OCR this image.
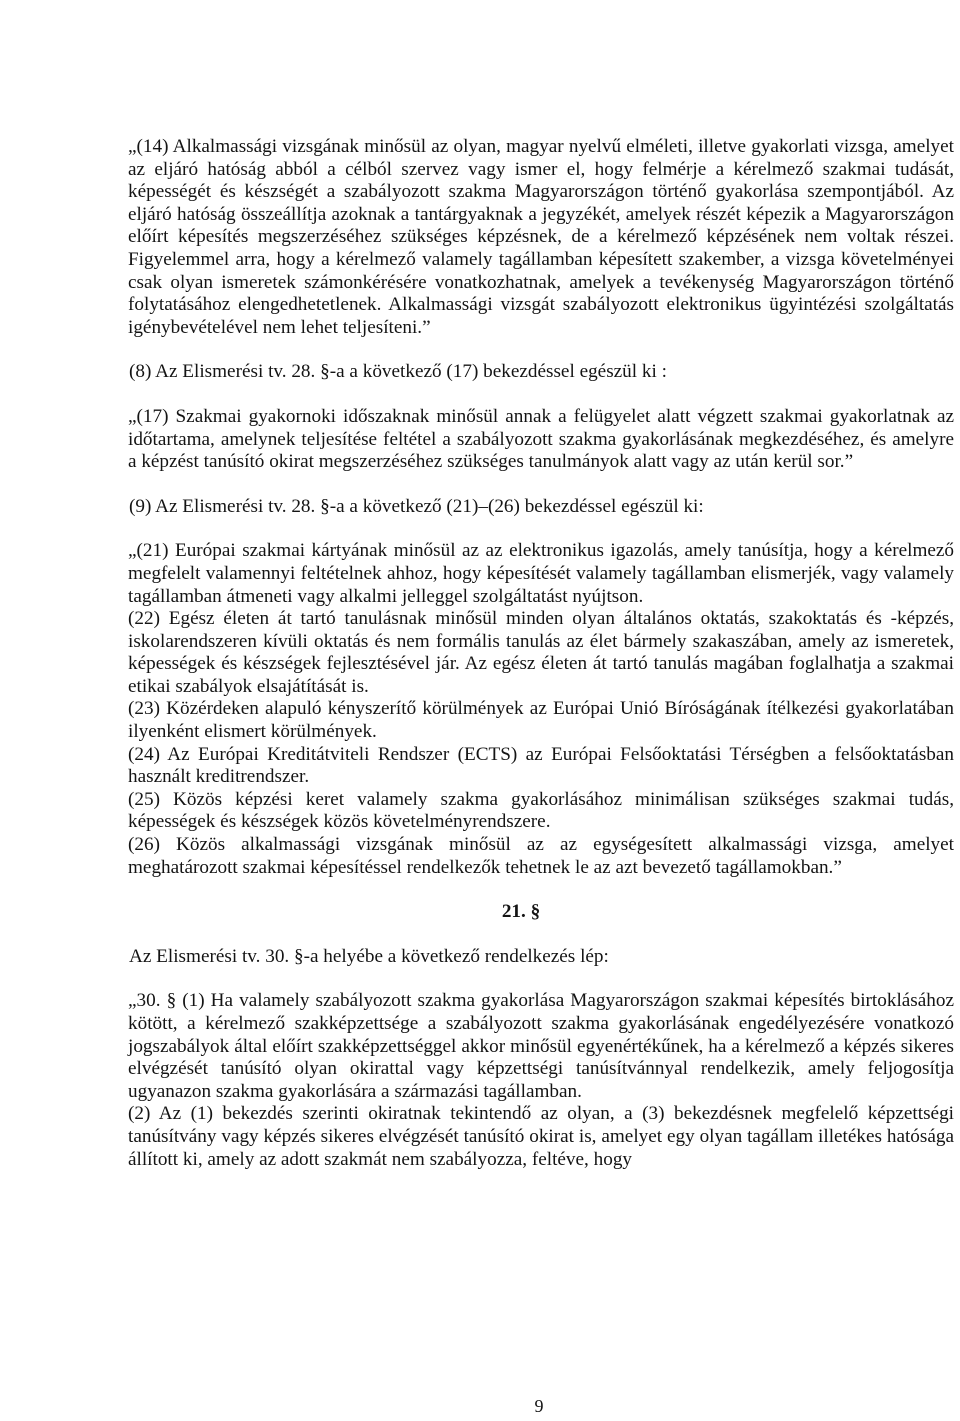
„(14) Alkalmassági vizsgának minősül az olyan, magyar nyelvű elméleti, illetve gyakorlati vizsga, amelyet az eljáró hatóság abból a célból szervez vagy ismer el, hogy felmérje a kérelmező szakmai tudását, képességét és készségét a szabályozott szakma Magyarországon történő gyakorlása szempontjából. Az eljáró hatóság összeállítja azoknak a tantárgyaknak a jegyzékét, amelyek részét képezik a Magyarországon előírt képesítés megszerzéséhez szükséges képzésnek, de a kérelmező képzésének nem voltak részei. Figyelemmel arra, hogy a kérelmező valamely tagállamban képesített szakember, a vizsga követelményei csak olyan ismeretek számonkérésére vonatkozhatnak, amelyek a tevékenység Magyarországon történő folytatásához elengedhetetlenek. Alkalmassági vizsgát szabályozott elektronikus ügyintézési szolgáltatás igénybevételével nem lehet teljesíteni.”

(8) Az Elismerési tv. 28. §-a a következő (17) bekezdéssel egészül ki :

„(17) Szakmai gyakornoki időszaknak minősül annak a felügyelet alatt végzett szakmai gyakorlatnak az időtartama, amelynek teljesítése feltétel a szabályozott szakma gyakorlásának megkezdéséhez, és amelyre a képzést tanúsító okirat megszerzéséhez szükséges tanulmányok alatt vagy az után kerül sor.”

(9) Az Elismerési tv. 28. §-a a következő (21)–(26) bekezdéssel egészül ki:

„(21) Európai szakmai kártyának minősül az az elektronikus igazolás, amely tanúsítja, hogy a kérelmező megfelelt valamennyi feltételnek ahhoz, hogy képesítését valamely tagállamban elismerjék, vagy valamely tagállamban átmeneti vagy alkalmi jelleggel szolgáltatást nyújtson.

(22) Egész életen át tartó tanulásnak minősül minden olyan általános oktatás, szakoktatás és -képzés, iskolarendszeren kívüli oktatás és nem formális tanulás az élet bármely szakaszában, amely az ismeretek, képességek és készségek fejlesztésével jár. Az egész életen át tartó tanulás magában foglalhatja a szakmai etikai szabályok elsajátítását is.

(23) Közérdeken alapuló kényszerítő körülmények az Európai Unió Bíróságának ítélkezési gyakorlatában ilyenként elismert körülmények.

(24) Az Európai Kreditátviteli Rendszer (ECTS) az Európai Felsőoktatási Térségben a felsőoktatásban használt kreditrendszer.

(25) Közös képzési keret valamely szakma gyakorlásához minimálisan szükséges szakmai tudás, képességek és készségek közös követelményrendszere.

(26) Közös alkalmassági vizsgának minősül az az egységesített alkalmassági vizsga, amelyet meghatározott szakmai képesítéssel rendelkezők tehetnek le az azt bevezető tagállamokban.”

21. §

Az Elismerési tv. 30. §-a helyébe a következő rendelkezés lép:

„30. § (1) Ha valamely szabályozott szakma gyakorlása Magyarországon szakmai képesítés birtoklásához kötött, a kérelmező szakképzettsége a szabályozott szakma gyakorlásának engedélyezésére vonatkozó jogszabályok által előírt szakképzettséggel akkor minősül egyenértékűnek, ha a kérelmező a képzés sikeres elvégzését tanúsító olyan okirattal vagy képzettségi tanúsítvánnyal rendelkezik, amely feljogosítja ugyanazon szakma gyakorlására a származási tagállamban.

(2) Az (1) bekezdés szerinti okiratnak tekintendő az olyan, a (3) bekezdésnek megfelelő képzettségi tanúsítvány vagy képzés sikeres elvégzését tanúsító okirat is, amelyet egy olyan tagállam illetékes hatósága állított ki, amely az adott szakmát nem szabályozza, feltéve, hogy

9
